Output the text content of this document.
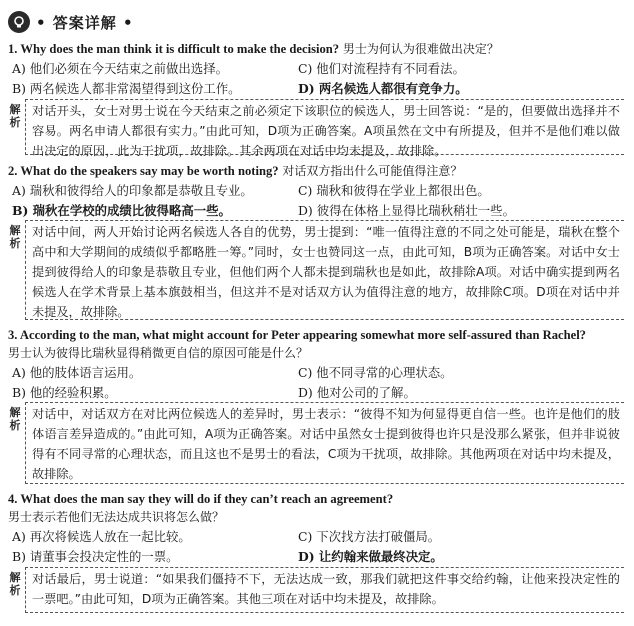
• 答案详解 •
1. Why does the man think it is difficult to make the decision? 男士为何认为很难做出决定？
A) 他们必须在今天结束之前做出选择。	C) 他们对流程持有不同看法。
B) 两名候选人都非常渴望得到这份工作。	D) 两名候选人都很有竞争力。
解析
对话开头，女士对男士说在今天结束之前必须定下该职位的候选人，男士回答说：“是的，但要做出选择并不容易。两名申请人都很有实力。”由此可知，D项为正确答案。A项虽然在文中有所提及，但并不是他们难以做出决定的原因，此为干扰项，故排除。其余两项在对话中均未提及，故排除。
2. What do the speakers say may be worth noting? 对话双方指出什么可能值得注意？
A) 瑞秋和彼得给人的印象都是恭敬且专业。	C) 瑞秋和彼得在学业上都很出色。
B) 瑞秋在学校的成绩比彼得略高一些。	D) 彼得在体格上显得比瑞秋稍壮一些。
解析
对话中间，两人开始讨论两名候选人各自的优势，男士提到：“唯一值得注意的不同之处可能是，瑞秋在整个高中和大学期间的成绩似乎都略胜一筹。”同时，女士也赞同这一点，由此可知，B项为正确答案。对话中女士提到彼得给人的印象是恭敬且专业，但他们两个人都未提到瑞秋也是如此，故排除A项。对话中确实提到两名候选人在学术背景上基本旗鼓相当，但这并不是对话双方认为值得注意的地方，故排除C项。D项在对话中并未提及，故排除。
3. According to the man, what might account for Peter appearing somewhat more self-assured than Rachel?
男士认为彼得比瑞秋显得稍微更自信的原因可能是什么？
A) 他的肢体语言运用。	C) 他不同寻常的心理状态。
B) 他的经验积累。	D) 他对公司的了解。
解析
对话中，对话双方在对比两位候选人的差异时，男士表示：“彼得不知为何显得更自信一些。也许是他们的肢体语言差异造成的。”由此可知，A项为正确答案。对话中虽然女士提到彼得也许只是没那么紧张，但并非说彼得有不同寻常的心理状态，而且这也不是男士的看法，C项为干扰项，故排除。其他两项在对话中均未提及，故排除。
4. What does the man say they will do if they can’t reach an agreement?
男士表示若他们无法达成共识将怎么做？
A) 再次将候选人放在一起比较。	C) 下次找方法打破僵局。
B) 请董事会投决定性的一票。	D) 让约翰来做最终决定。
解析
对话最后，男士说道：“如果我们僵持不下，无法达成一致，那我们就把这件事交给约翰，让他来投决定性的一票吧。”由此可知，D项为正确答案。其他三项在对话中均未提及，故排除。
